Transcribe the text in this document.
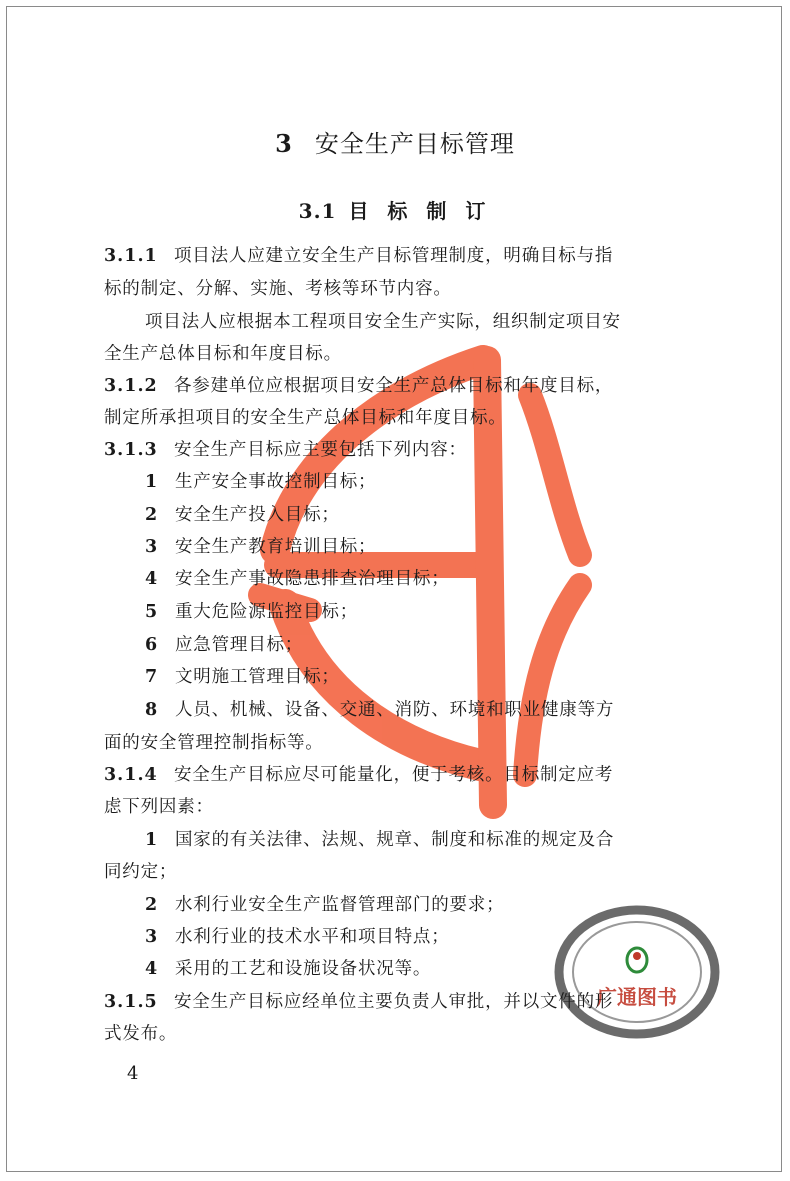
广通图书
3 安全生产目标管理
3.1 目 标 制 订
3.1.1 项目法人应建立安全生产目标管理制度，明确目标与指
标的制定、分解、实施、考核等环节内容。
项目法人应根据本工程项目安全生产实际，组织制定项目安
全生产总体目标和年度目标。
3.1.2 各参建单位应根据项目安全生产总体目标和年度目标，
制定所承担项目的安全生产总体目标和年度目标。
3.1.3 安全生产目标应主要包括下列内容：
1 生产安全事故控制目标；
2 安全生产投入目标；
3 安全生产教育培训目标；
4 安全生产事故隐患排查治理目标；
5 重大危险源监控目标；
6 应急管理目标；
7 文明施工管理目标；
8 人员、机械、设备、交通、消防、环境和职业健康等方
面的安全管理控制指标等。
3.1.4 安全生产目标应尽可能量化，便于考核。目标制定应考
虑下列因素：
1 国家的有关法律、法规、规章、制度和标准的规定及合
同约定；
2 水利行业安全生产监督管理部门的要求；
3 水利行业的技术水平和项目特点；
4 采用的工艺和设施设备状况等。
3.1.5 安全生产目标应经单位主要负责人审批，并以文件的形
式发布。
4
